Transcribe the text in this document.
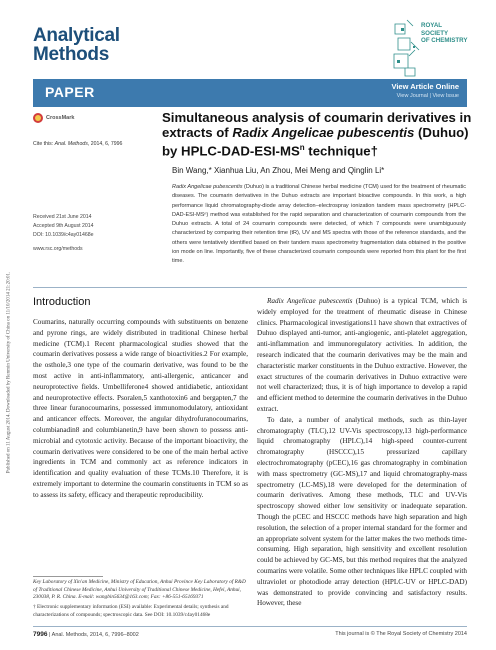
Analytical
Methods
ROYAL SOCIETY
OF CHEMISTRY
PAPER	View Article Online
View Journal | View Issue
Published on 11 August 2014. Downloaded by Renmin University of China on 11/10/2014 21:20:01.
CrossMark
Cite this: Anal. Methods, 2014, 6, 7996
Simultaneous analysis of coumarin derivatives in extracts of Radix Angelicae pubescentis (Duhuo) by HPLC-$DAD-ESI-MS^n$ technique†
Bin Wang,* Xianhua Liu, An Zhou, Mei Meng and Qinglin Li*
Radix Angelicae pubescentis (Duhuo) is a traditional Chinese herbal medicine (TCM) used for the treatment of rheumatic diseases. The coumarin derivatives in the Duhuo extracts are important bioactive compounds. In this work, a high performance liquid chromatography-diode array detection–electrospray ionization tandem mass spectrometry (HPLC-DAD-ESI-MSⁿ) method was established for the rapid separation and characterization of coumarin compounds from the Duhuo extracts. A total of 24 coumarin compounds were detected, of which 7 compounds were unambiguously characterized by comparing their retention time (tR), UV and MS spectra with those of the reference standards, and the others were tentatively identified based on their tandem mass spectrometry fragmentation data obtained in the positive ion mode on line. Importantly, five of these characterized coumarin compounds were reported from this plant for the first time.
Received 21st June 2014
Accepted 9th August 2014
DOI: 10.1039/c4ay01468e
www.rsc.org/methods
Introduction
Coumarins, naturally occurring compounds with substituents on benzene and pyrone rings, are widely distributed in traditional Chinese herbal medicine (TCM).1 Recent pharmacological studies showed that the coumarin derivatives possess a wide range of bioactivities.2 For example, the osthole,3 one type of the coumarin derivative, was found to be the most active in anti-inflammatory, anti-allergenic, anticancer and neuroprotective fields. Umbelliferone4 showed antidiabetic, antioxidant and neuroprotective effects. Psoralen,5 xanthotoxin6 and bergapten,7 the three linear furanocoumarins, possessed immunomodulatory, antioxidant and anticancer effects. Moreover, the angular dihydrofuranocoumarins, columbianadin8 and columbianetin,9 have been shown to possess anti-microbial and cytotoxic activity. Because of the important bioactivity, the coumarin derivatives were considered to be one of the main herbal active ingredients in TCM and commonly act as reference indicators in identification and quality evaluation of these TCMs.10 Therefore, it is extremely important to determine the coumarin constituents in TCM so as to assess its safety, efficacy and therapeutic reproducibility.
Key Laboratory of Xin'an Medicine, Ministry of Education, Anhui Province Key Laboratory of R&D of Traditional Chinese Medicine, Anhui University of Traditional Chinese Medicine, Hefei, Anhui, 230038, P. R. China. E-mail: wangbin5634@163.com; Fax: +86-551-65169371
† Electronic supplementary information (ESI) available: Experimental details; synthesis and characterizations of compounds; spectroscopic data. See DOI: 10.1039/c4ay01468e
Radix Angelicae pubescentis (Duhuo) is a typical TCM, which is widely employed for the treatment of rheumatic disease in Chinese clinics. Pharmacological investigations11 have shown that extractives of Duhuo displayed anti-tumor, anti-angiogenic, anti-platelet aggregation, anti-inflammation and immunoregulatory activities. In addition, the research indicated that the coumarin derivatives may be the main and characteristic marker constituents in the Duhuo extractive. However, the exact structures of the coumarin derivatives in Duhuo extractive were not well characterized; thus, it is of high importance to develop a rapid and efficient method to determine the coumarin derivatives in the Duhuo extract.
To date, a number of analytical methods, such as thin-layer chromatography (TLC),12 UV-Vis spectroscopy,13 high-performance liquid chromatography (HPLC),14 high-speed counter-current chromatography (HSCCC),15 pressurized capillary electrochromatography (pCEC),16 gas chromatography in combination with mass spectrometry (GC-MS),17 and liquid chromatography-mass spectrometry (LC-MS),18 were developed for the determination of coumarin derivatives. Among these methods, TLC and UV-Vis spectroscopy showed either low sensitivity or inadequate separation. Though the pCEC and HSCCC methods have high separation and high resolution, the selection of a proper internal standard for the former and an appropriate solvent system for the latter makes the two methods time-consuming. High separation, high sensitivity and excellent resolution could be achieved by GC-MS, but this method requires that the analyzed coumarins were volatile. Some other techniques like HPLC coupled with ultraviolet or photodiode array detection (HPLC-UV or HPLC-DAD) was demonstrated to provide convincing and satisfactory results. However, these
7996 | Anal. Methods, 2014, 6, 7996–8002	This journal is © The Royal Society of Chemistry 2014
